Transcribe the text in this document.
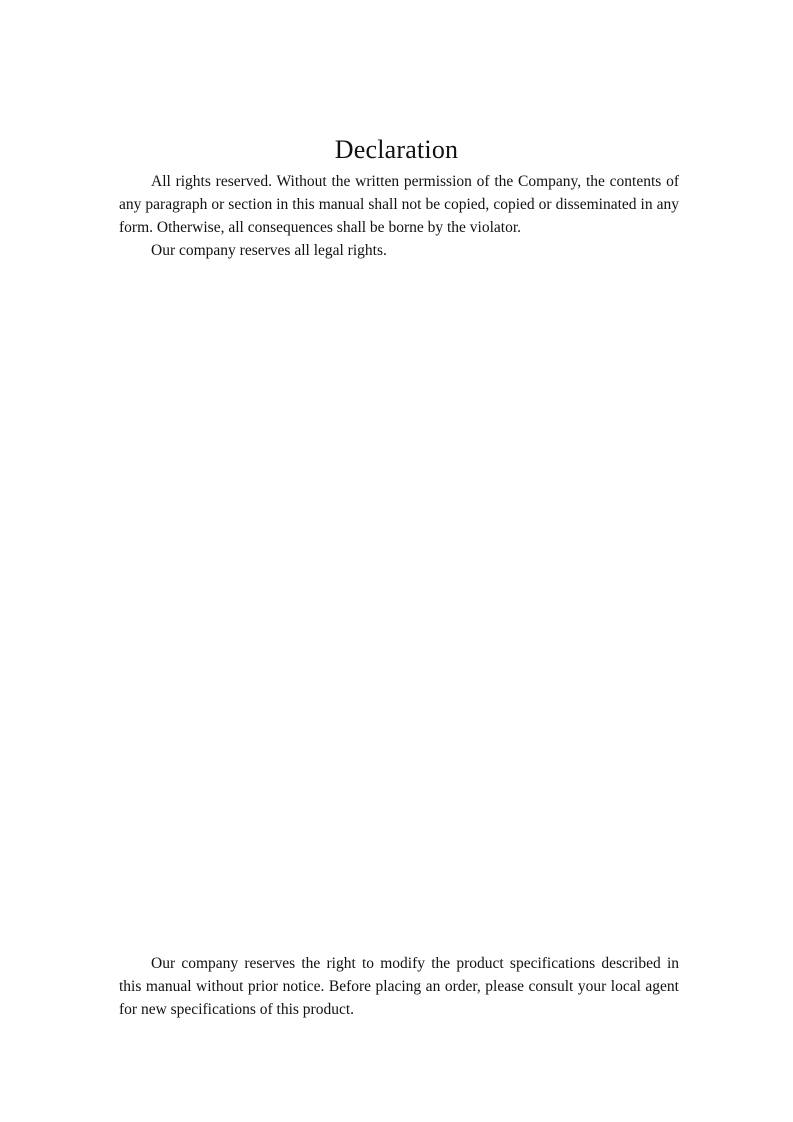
Declaration

All rights reserved. Without the written permission of the Company, the contents of any paragraph or section in this manual shall not be copied, copied or disseminated in any form. Otherwise, all consequences shall be borne by the violator.

Our company reserves all legal rights.

Our company reserves the right to modify the product specifications described in this manual without prior notice. Before placing an order, please consult your local agent for new specifications of this product.
